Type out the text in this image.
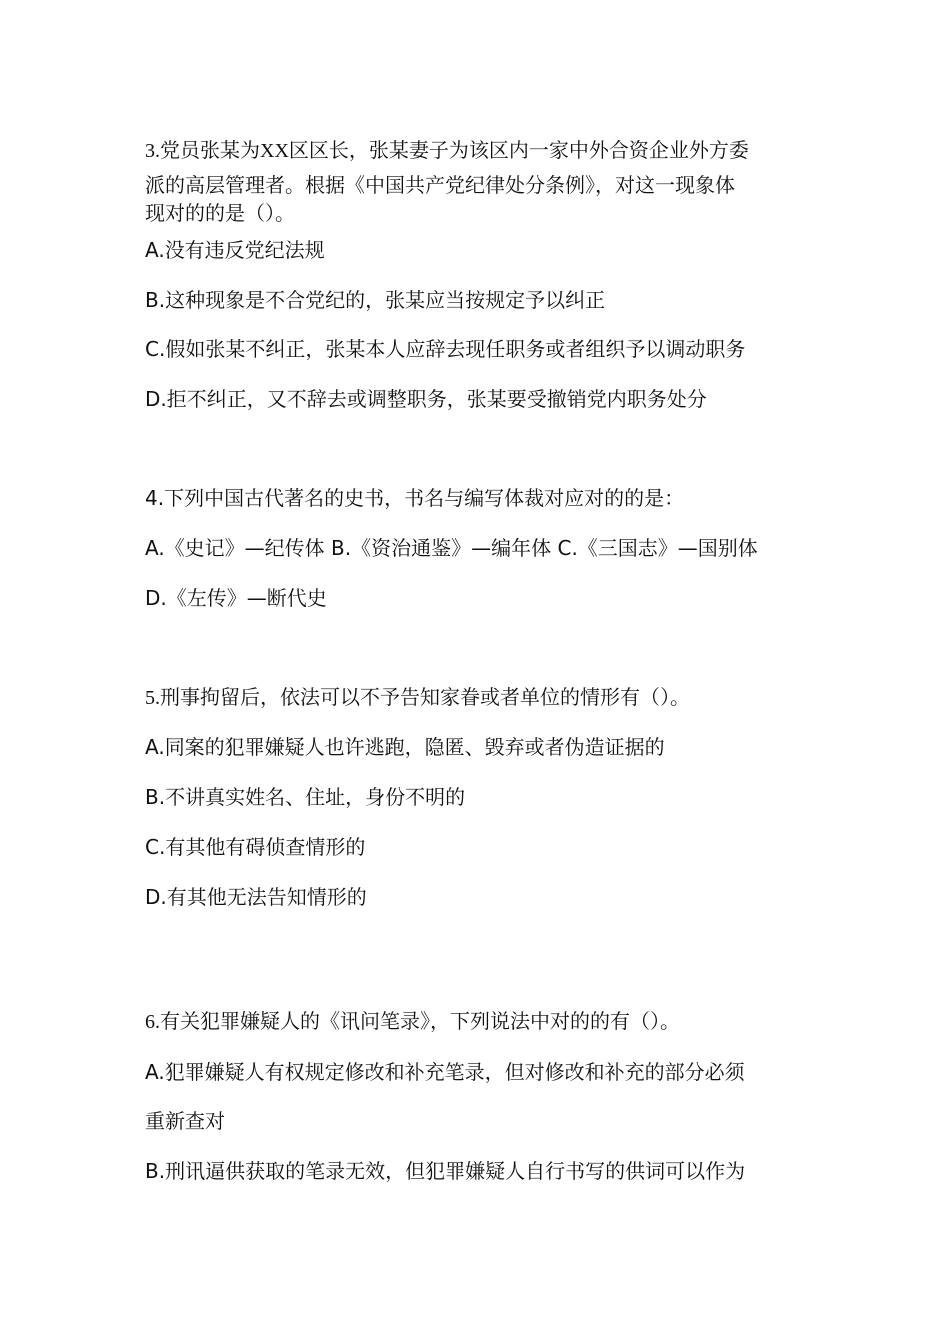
3.党员张某为XX区区长，张某妻子为该区内一家中外合资企业外方委
派的高层管理者。根据《中国共产党纪律处分条例》，对这一现象体
现对的的是（）。
A.没有违反党纪法规
B.这种现象是不合党纪的，张某应当按规定予以纠正
C.假如张某不纠正，张某本人应辞去现任职务或者组织予以调动职务
D.拒不纠正，又不辞去或调整职务，张某要受撤销党内职务处分
4.下列中国古代著名的史书，书名与编写体裁对应对的的是：
A.《史记》—纪传体 B.《资治通鉴》—编年体 C.《三国志》—国别体
D.《左传》—断代史
5.刑事拘留后，依法可以不予告知家眷或者单位的情形有（）。
A.同案的犯罪嫌疑人也许逃跑，隐匿、毁弃或者伪造证据的
B.不讲真实姓名、住址，身份不明的
C.有其他有碍侦查情形的
D.有其他无法告知情形的
6.有关犯罪嫌疑人的《讯问笔录》，下列说法中对的的有（）。
A.犯罪嫌疑人有权规定修改和补充笔录，但对修改和补充的部分必须
重新查对
B.刑讯逼供获取的笔录无效，但犯罪嫌疑人自行书写的供词可以作为
